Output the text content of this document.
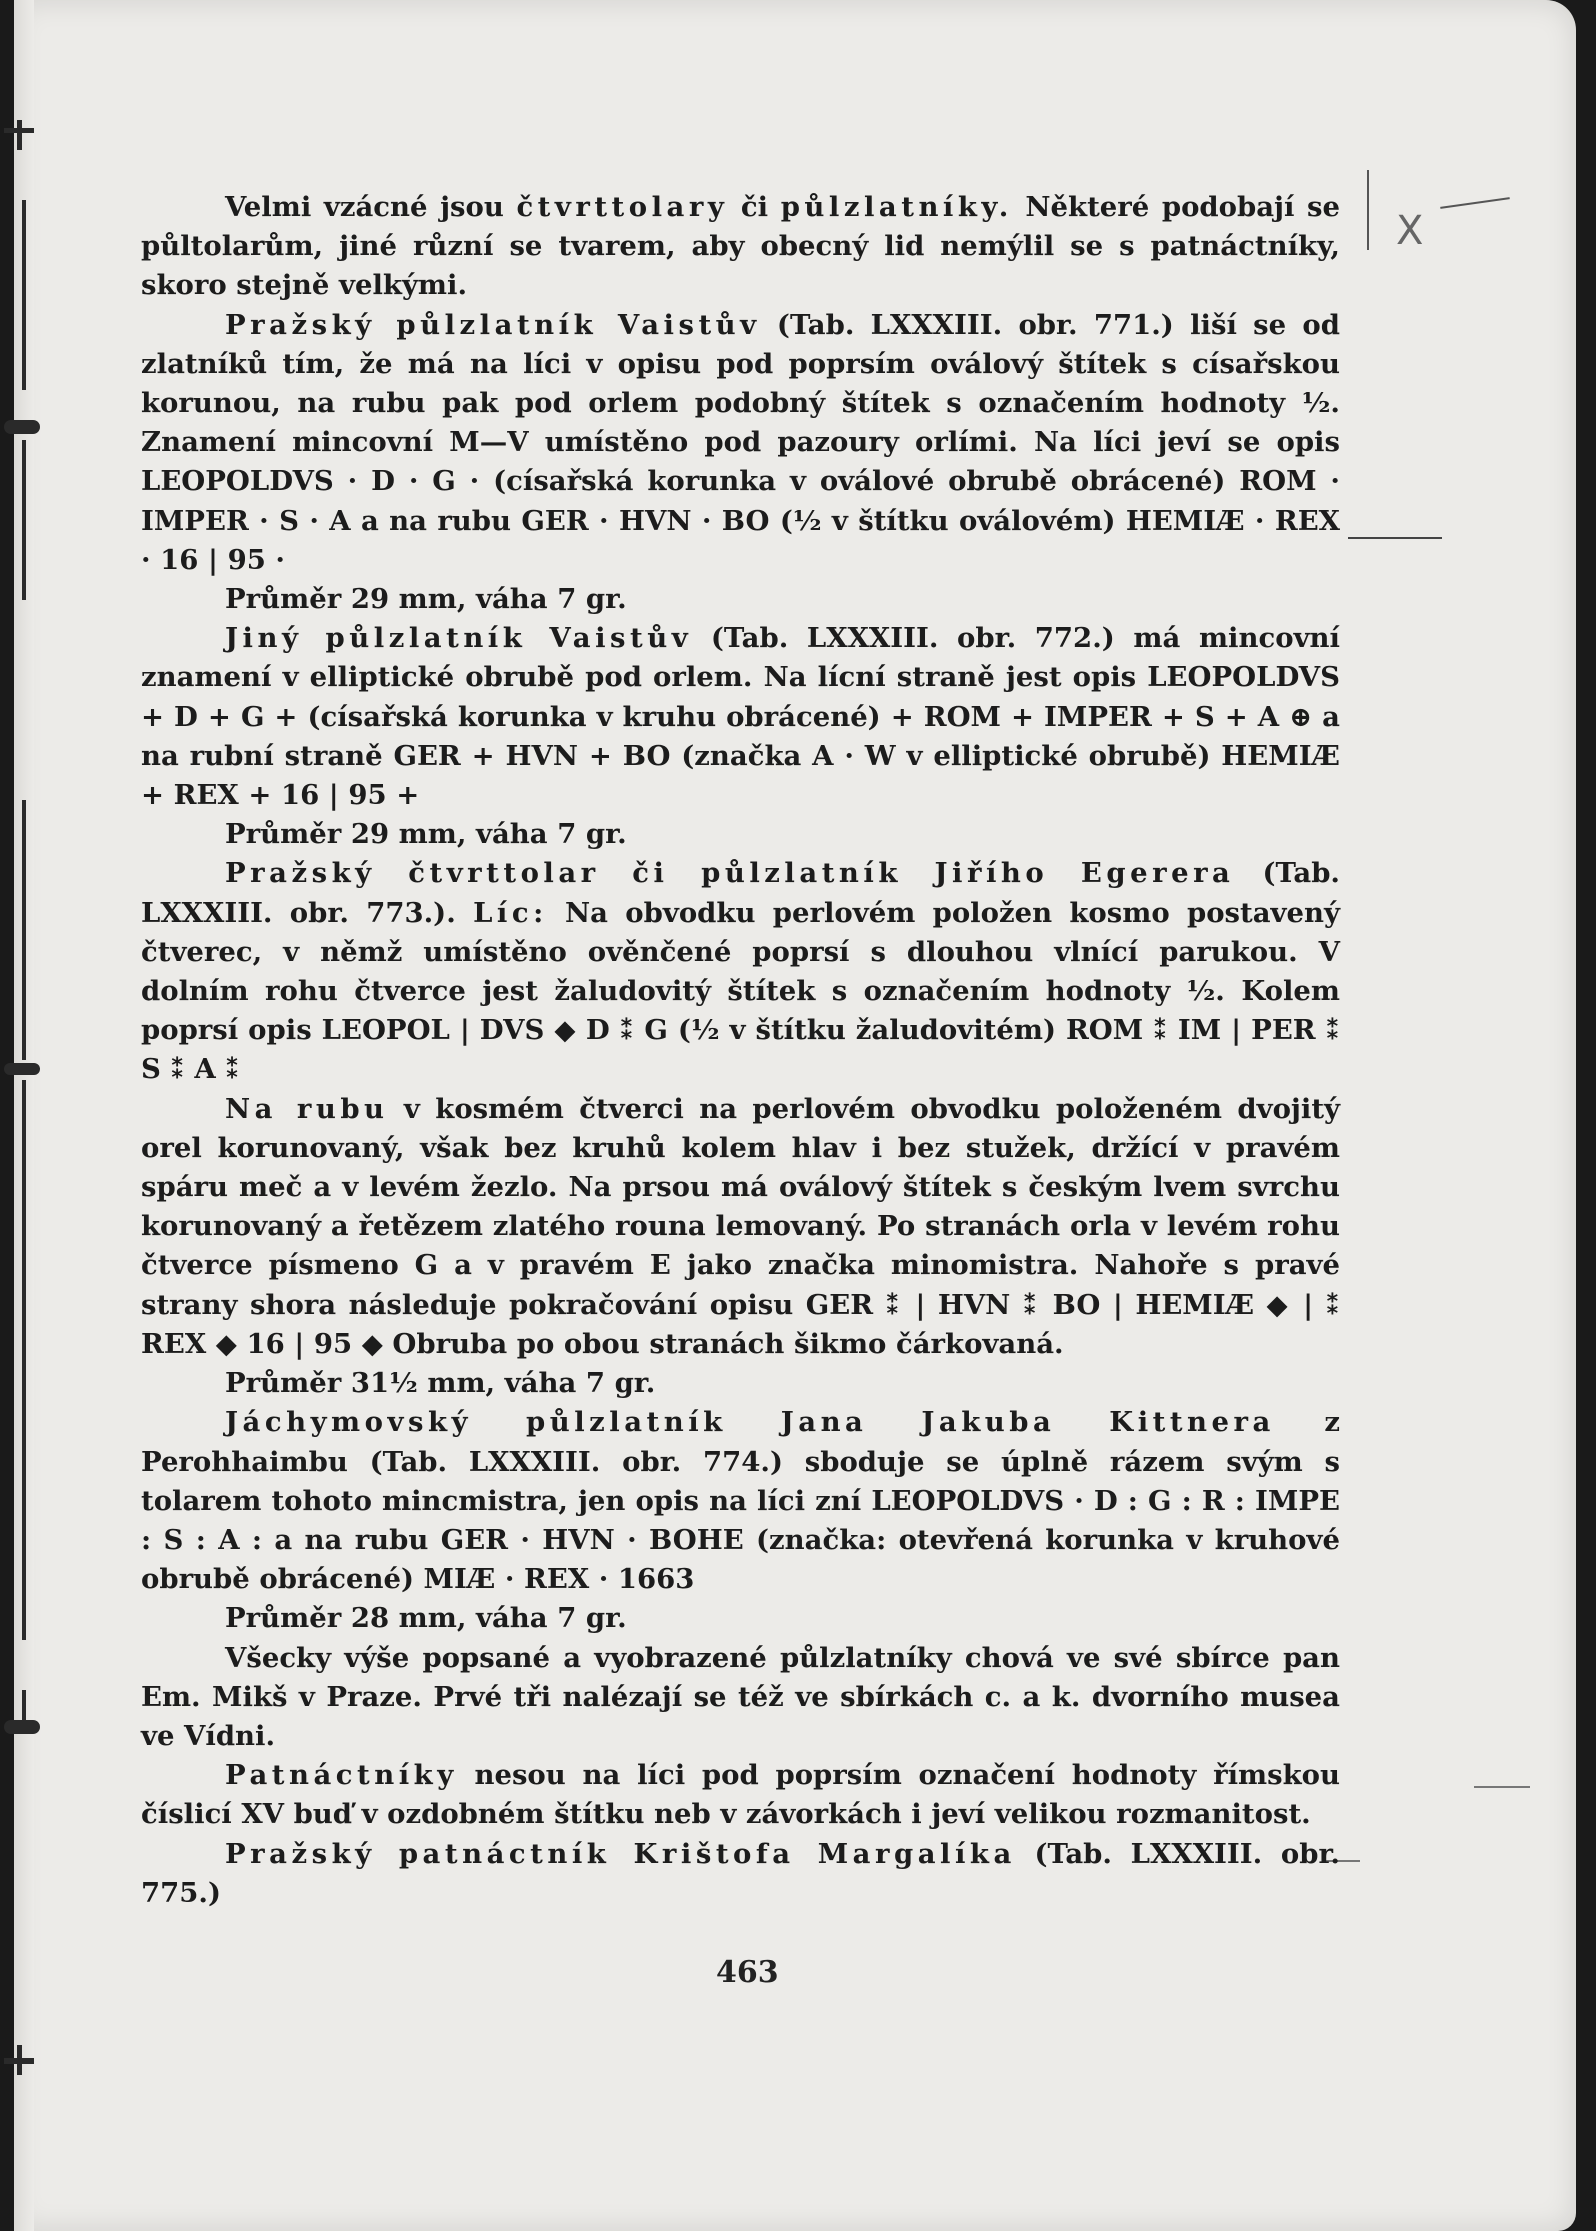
X

Velmi vzácné jsou čtvrttolary či půlzlatníky. Některé podobají se půltolarům, jiné různí se tvarem, aby obecný lid nemýlil se s patnáctníky, skoro stejně velkými.

Pražský půlzlatník Vaistův (Tab. LXXXIII. obr. 771.) liší se od zlatníků tím, že má na líci v opisu pod poprsím oválový štítek s císařskou korunou, na rubu pak pod orlem podobný štítek s označením hodnoty ½. Znamení mincovní M—V umístěno pod pazoury orlími. Na líci jeví se opis LEOPOLDVS · D · G · (císařská korunka v oválové obrubě obrácené) ROM · IMPER · S · A a na rubu GER · HVN · BO (½ v štítku oválovém) HEMIÆ · REX · 16 | 95 ·

Průměr 29 mm, váha 7 gr.

Jiný půlzlatník Vaistův (Tab. LXXXIII. obr. 772.) má mincovní znamení v elliptické obrubě pod orlem. Na lícní straně jest opis LEOPOLDVS + D + G + (císařská korunka v kruhu obrácené) + ROM + IMPER + S + A ⊕ a na rubní straně GER + HVN + BO (značka A · W v elliptické obrubě) HEMIÆ + REX + 16 | 95 +

Průměr 29 mm, váha 7 gr.

Pražský čtvrttolar či půlzlatník Jiřího Egerera (Tab. LXXXIII. obr. 773.). Líc: Na obvodku perlovém položen kosmo postavený čtverec, v němž umístěno ověnčené poprsí s dlouhou vlnící parukou. V dolním rohu čtverce jest žaludovitý štítek s označením hodnoty ½. Kolem poprsí opis LEOPOL | DVS ◆ D ⁑ G (½ v štítku žaludovitém) ROM ⁑ IM | PER ⁑ S ⁑ A ⁑

Na rubu v kosmém čtverci na perlovém obvodku položeném dvojitý orel korunovaný, však bez kruhů kolem hlav i bez stužek, držící v pravém spáru meč a v levém žezlo. Na prsou má oválový štítek s českým lvem svrchu korunovaný a řetězem zlatého rouna lemovaný. Po stranách orla v levém rohu čtverce písmeno G a v pravém E jako značka minomistra. Nahoře s pravé strany shora následuje pokračování opisu GER ⁑ | HVN ⁑ BO | HEMIÆ ◆ | ⁑ REX ◆ 16 | 95 ◆ Obruba po obou stranách šikmo čárkovaná.

Průměr 31½ mm, váha 7 gr.

Jáchymovský půlzlatník Jana Jakuba Kittnera z Perohhaimbu (Tab. LXXXIII. obr. 774.) sboduje se úplně rázem svým s tolarem tohoto mincmistra, jen opis na líci zní LEOPOLDVS · D : G : R : IMPE : S : A : a na rubu GER · HVN · BOHE (značka: otevřená korunka v kruhové obrubě obrácené) MIÆ · REX · 1663

Průměr 28 mm, váha 7 gr.

Všecky výše popsané a vyobrazené půlzlatníky chová ve své sbírce pan Em. Mikš v Praze. Prvé tři nalézají se též ve sbírkách c. a k. dvorního musea ve Vídni.

Patnáctníky nesou na líci pod poprsím označení hodnoty římskou číslicí XV buď v ozdobném štítku neb v závorkách i jeví velikou rozmanitost.

Pražský patnáctník Krištofa Margalíka (Tab. LXXXIII. obr. 775.)

463
